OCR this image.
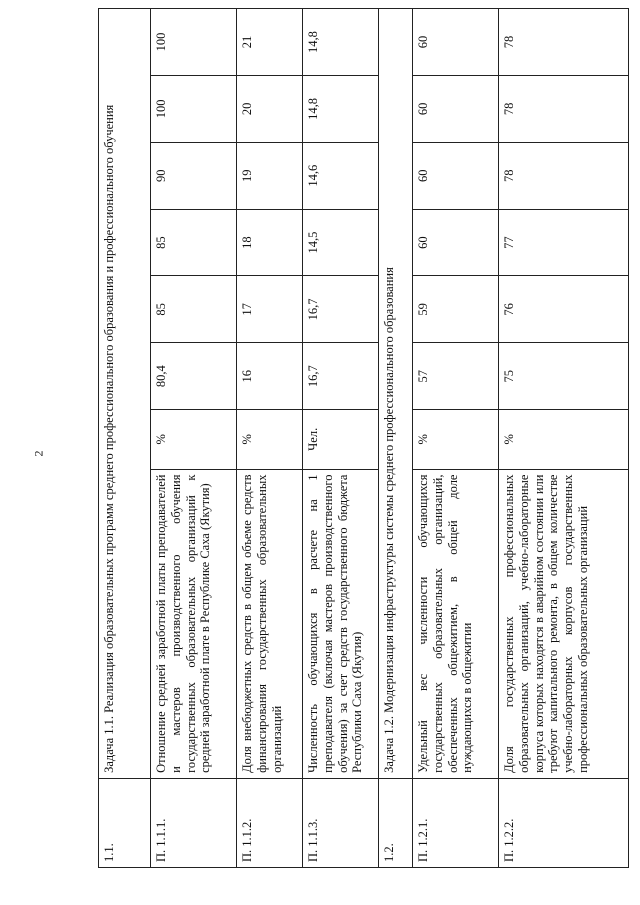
2
1.1.	Задача 1.1. Реализация образовательных программ среднего профессионального образования и профессионального обучения							
П. 1.1.1.	Отношение средней заработной платы преподавателей и мастеров производственного обучения государственных образовательных организаций к средней заработной плате в Республике Саха (Якутия)	%	80,4	85	85	90	100	100
П. 1.1.2.	Доля внебюджетных средств в общем объеме средств финансирования государственных образовательных организаций	%	16	17	18	19	20	21
П. 1.1.3.	Численность обучающихся в расчете на 1 преподавателя (включая мастеров производственного обучения) за счет средств государственного бюджета Республики Саха (Якутия)	Чел.	16,7	16,7	14,5	14,6	14,8	14,8
1.2.	Задача 1.2. Модернизация инфраструктуры системы среднего профессионального образования							
П. 1.2.1.	Удельный вес численности обучающихся государственных образовательных организаций, обеспеченных общежитием, в общей доле нуждающихся в общежитии	%	57	59	60	60	60	60
П. 1.2.2.	Доля государственных профессиональных образовательных организаций, учебно-лабораторные корпуса которых находятся в аварийном состоянии или требуют капитального ремонта, в общем количестве учебно-лабораторных корпусов государственных профессиональных образовательных организаций	%	75	76	77	78	78	78
